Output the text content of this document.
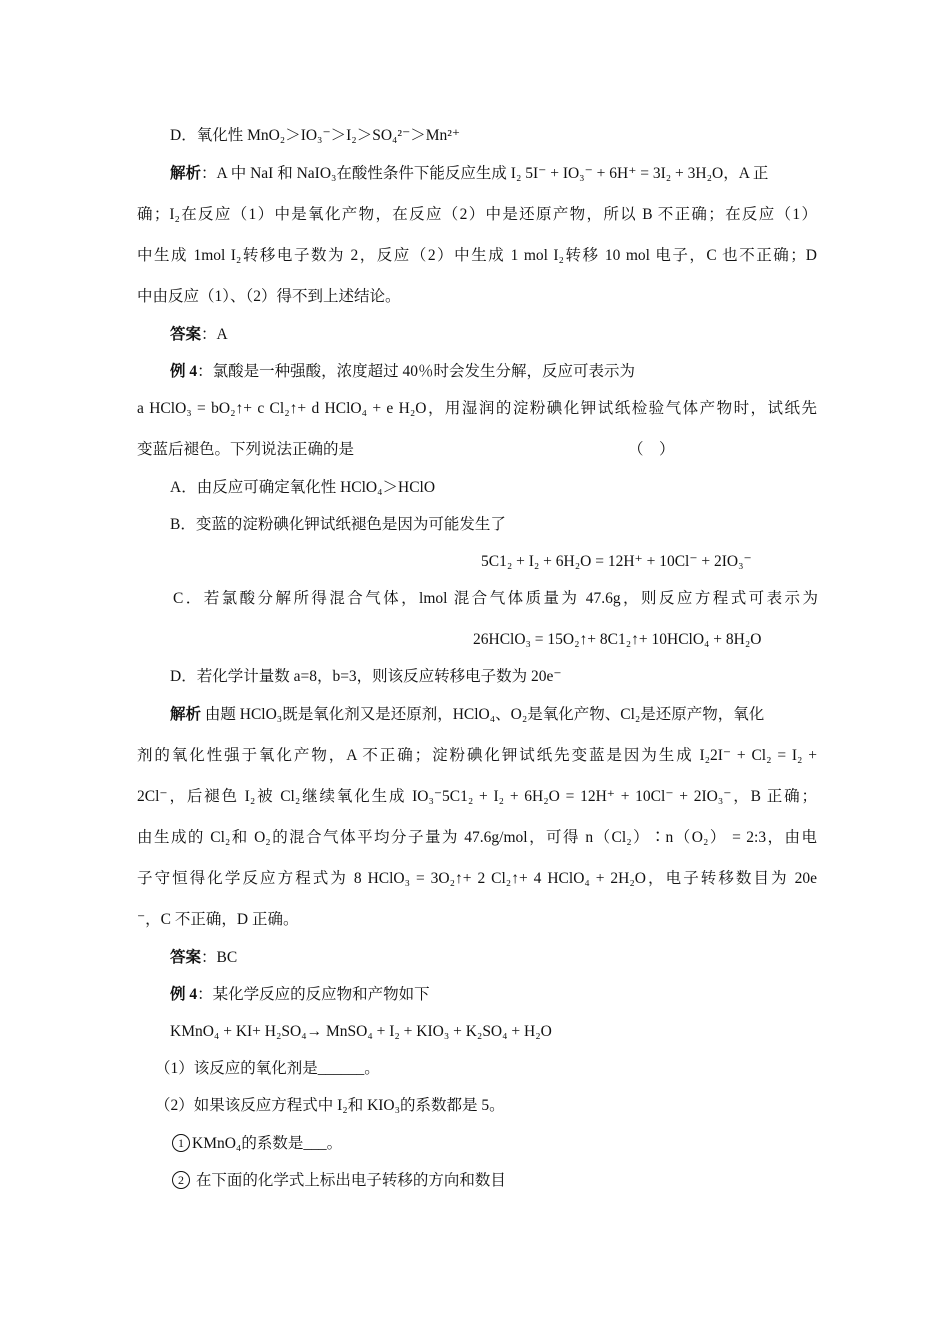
D．氧化性 MnO₂＞IO₃⁻＞I₂＞SO₄²⁻＞Mn²⁺
解析：A 中 NaI 和 NaIO₃在酸性条件下能反应生成 I₂ 5I⁻ + IO₃⁻ + 6H⁺ = 3I₂ + 3H₂O，A 正
确；I₂在反应（1）中是氧化产物，在反应（2）中是还原产物，所以 B 不正确；在反应（1）
中生成 1mol I₂转移电子数为 2，反应（2）中生成 1 mol I₂转移 10 mol 电子，C 也不正确；D
中由反应（1）、（2）得不到上述结论。
答案：A
例 4：氯酸是一种强酸，浓度超过 40％时会发生分解，反应可表示为
a HClO₃ = bO₂↑+ c Cl₂↑+ d HClO₄ + e H₂O，用湿润的淀粉碘化钾试纸检验气体产物时，试纸先
变蓝后褪色。下列说法正确的是	（　）
A．由反应可确定氧化性 HClO₄＞HClO
B．变蓝的淀粉碘化钾试纸褪色是因为可能发生了
5C1₂ + I₂ + 6H₂O = 12H⁺ + 10Cl⁻ + 2IO₃⁻
C．若氯酸分解所得混合气体，lmol 混合气体质量为 47.6g，则反应方程式可表示为
26HClO₃ = 15O₂↑+ 8C1₂↑+ 10HClO₄ + 8H₂O
D．若化学计量数 a=8，b=3，则该反应转移电子数为 20e⁻
解析 由题 HClO₃既是氧化剂又是还原剂，HClO₄、O₂是氧化产物、Cl₂是还原产物，氧化
剂的氧化性强于氧化产物，A 不正确；淀粉碘化钾试纸先变蓝是因为生成 I₂2I⁻ + Cl₂ = I₂ +
2Cl⁻，后褪色 I₂被 Cl₂继续氧化生成 IO₃⁻5C1₂ + I₂ + 6H₂O = 12H⁺ + 10Cl⁻ + 2IO₃⁻，B 正确；
由生成的 Cl₂和 O₂的混合气体平均分子量为 47.6g/mol，可得 n（Cl₂）∶n（O₂） = 2:3，由电
子守恒得化学反应方程式为 8 HClO₃ = 3O₂↑+ 2 Cl₂↑+ 4 HClO₄ + 2H₂O，电子转移数目为 20e
⁻，C 不正确，D 正确。
答案：BC
例 4：某化学反应的反应物和产物如下
KMnO₄ + KI+ H₂SO₄→ MnSO₄ + I₂ + KIO₃ + K₂SO₄ + H₂O
（1）该反应的氧化剂是______。
（2）如果该反应方程式中 I₂和 KIO₃的系数都是 5。
1 KMnO₄的系数是___。
2 在下面的化学式上标出电子转移的方向和数目
